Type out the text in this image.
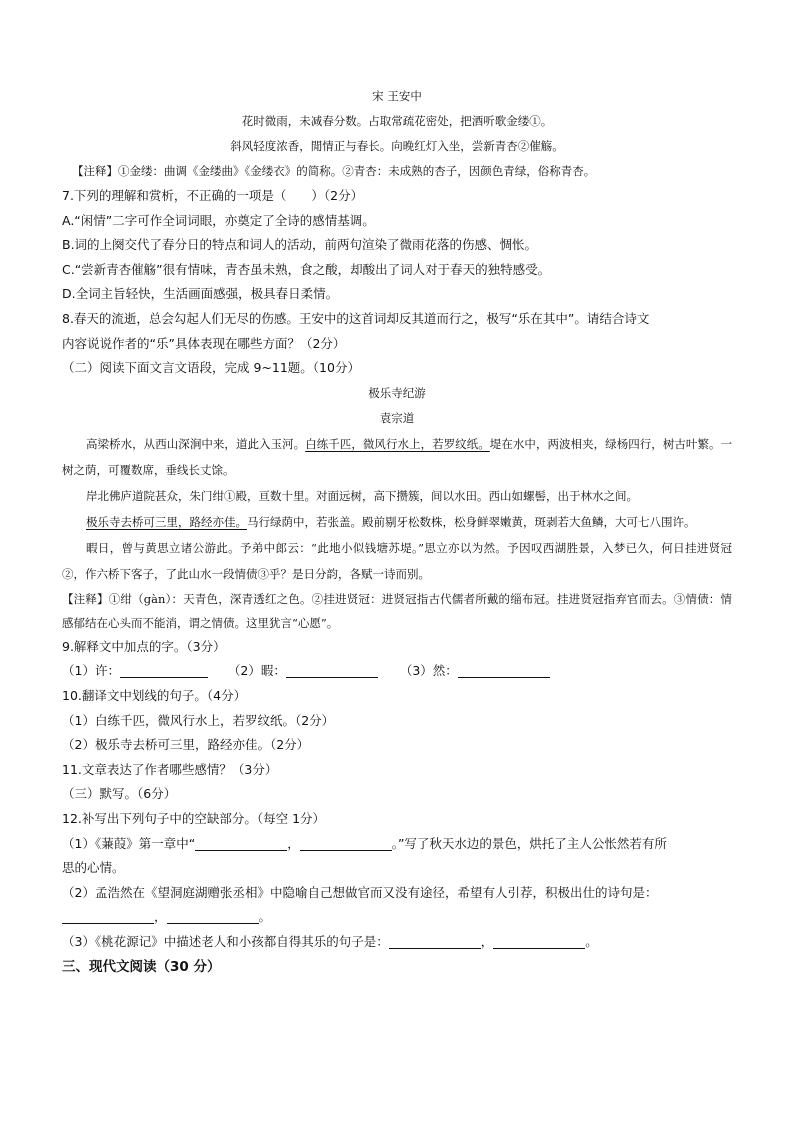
宋 王安中
花时微雨，未减春分数。占取常疏花密处，把酒听歌金缕①。
斜风轻度浓香，閒情正与春长。向晚红灯入坐，尝新青杏②催觞。
【注释】①金缕：曲调《金缕曲》《金缕衣》的简称。②青杏：未成熟的杏子，因颜色青绿，俗称青杏。
7.下列的理解和赏析，不正确的一项是（　　）（2分）
A.“闲情”二字可作全词词眼，亦奠定了全诗的感情基调。
B.词的上阕交代了春分日的特点和词人的活动，前两句渲染了微雨花落的伤感、惆怅。
C.“尝新青杏催觞”很有情味，青杏虽未熟，食之酸，却酸出了词人对于春天的独特感受。
D.全词主旨轻快，生活画面感强，极具春日柔情。
8.春天的流逝，总会勾起人们无尽的伤感。王安中的这首词却反其道而行之，极写“乐在其中”。请结合诗文
内容说说作者的“乐”具体表现在哪些方面？（2分）
（二）阅读下面文言文语段，完成 9~11题。（10分）
极乐寺纪游
袁宗道
高梁桥水，从西山深涧中来，道此入玉河。白练千匹，微风行水上，若罗纹纸。堤在水中，两波相夹，绿杨四行，树古叶繁。一树之荫，可覆数席，垂线长丈馀。
岸北佛庐道院甚众，朱门绀①殿，亘数十里。对面远树，高下攒簇，间以水田。西山如螺髻，出于林水之间。
极乐寺去桥可三里，路经亦佳。马行绿荫中，若张盖。殿前剔牙松数株，松身鲜翠嫩黄，斑剥若大鱼鳞，大可七八围许。
暇日，曾与黄思立诸公游此。予弟中郎云：“此地小似钱塘苏堤。”思立亦以为然。予因叹西湖胜景，入梦已久，何日挂进贤冠②，作六桥下客子，了此山水一段情债③乎？是日分韵，各赋一诗而别。
【注释】①绀（gàn）：天青色，深青透红之色。②挂进贤冠：进贤冠指古代儒者所戴的缁布冠。挂进贤冠指弃官而去。③情债：情感郁结在心头而不能消，谓之情债。这里犹言“心愿”。
9.解释文中加点的字。（3分）
（1）许：	（2）暇：	（3）然：
10.翻译文中划线的句子。（4分）
（1）白练千匹，微风行水上，若罗纹纸。（2分）
（2）极乐寺去桥可三里，路经亦佳。（2分）
11.文章表达了作者哪些感情？（3分）
（三）默写。（6分）
12.补写出下列句子中的空缺部分。（每空 1分）
（1）《蒹葭》第一章中“	，	。”写了秋天水边的景色，烘托了主人公怅然若有所
思的心情。
（2）孟浩然在《望洞庭湖赠张丞相》中隐喻自己想做官而又没有途径，希望有人引荐，积极出仕的诗句是：
，	。
（3）《桃花源记》中描述老人和小孩都自得其乐的句子是：	，	。
三、现代文阅读（30 分）
